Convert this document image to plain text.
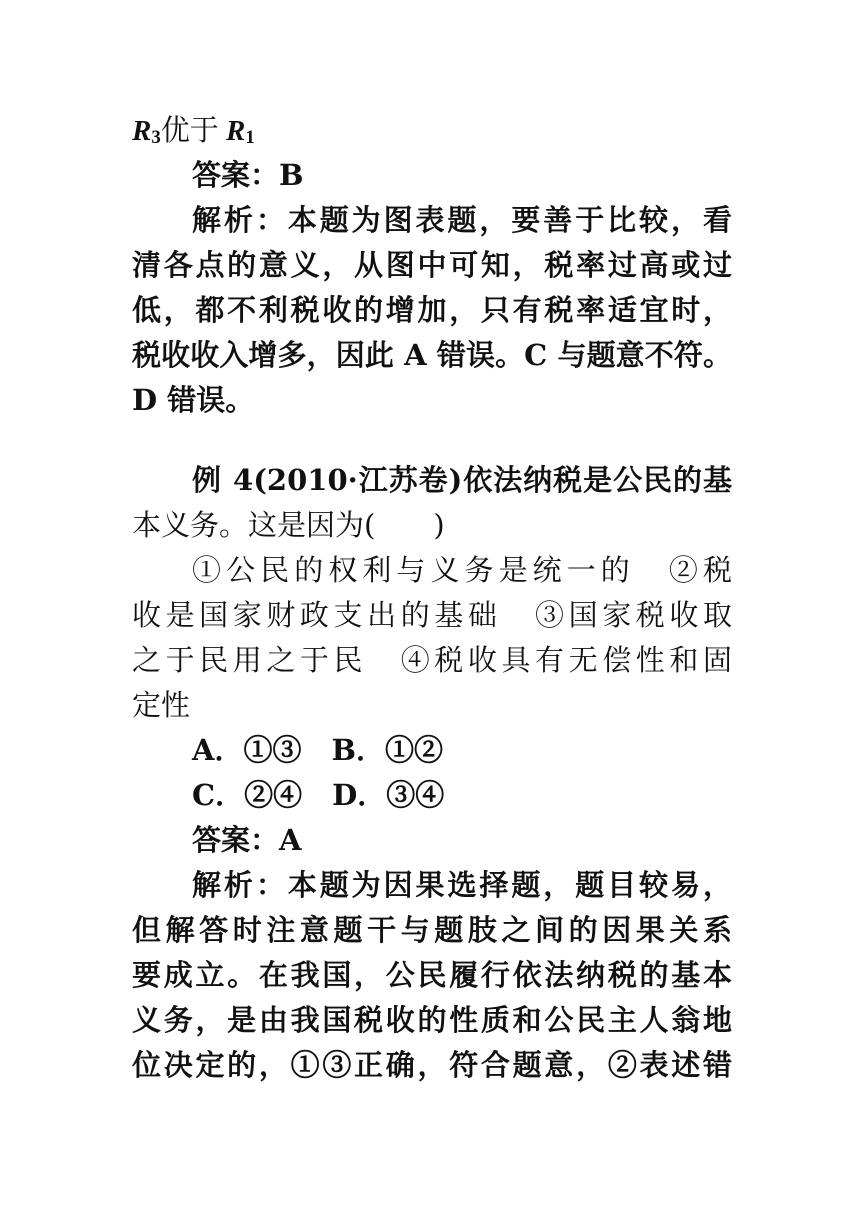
$R_3$优于 $R_1$
答案：B
解析：本题为图表题，要善于比较，看
清各点的意义，从图中可知，税率过高或过
低，都不利税收的增加，只有税率适宜时，
税收收入增多，因此 A 错误。C 与题意不符。
D 错误。
例 4(2010·江苏卷)依法纳税是公民的基
本义务。这是因为(　　)
①公民的权利与义务是统一的　②税
收是国家财政支出的基础　③国家税收取
之于民用之于民　④税收具有无偿性和固
定性
A．①③ B．①②
C．②④ D．③④
答案：A
解析：本题为因果选择题，题目较易，
但解答时注意题干与题肢之间的因果关系
要成立。在我国，公民履行依法纳税的基本
义务，是由我国税收的性质和公民主人翁地
位决定的，①③正确，符合题意，②表述错
